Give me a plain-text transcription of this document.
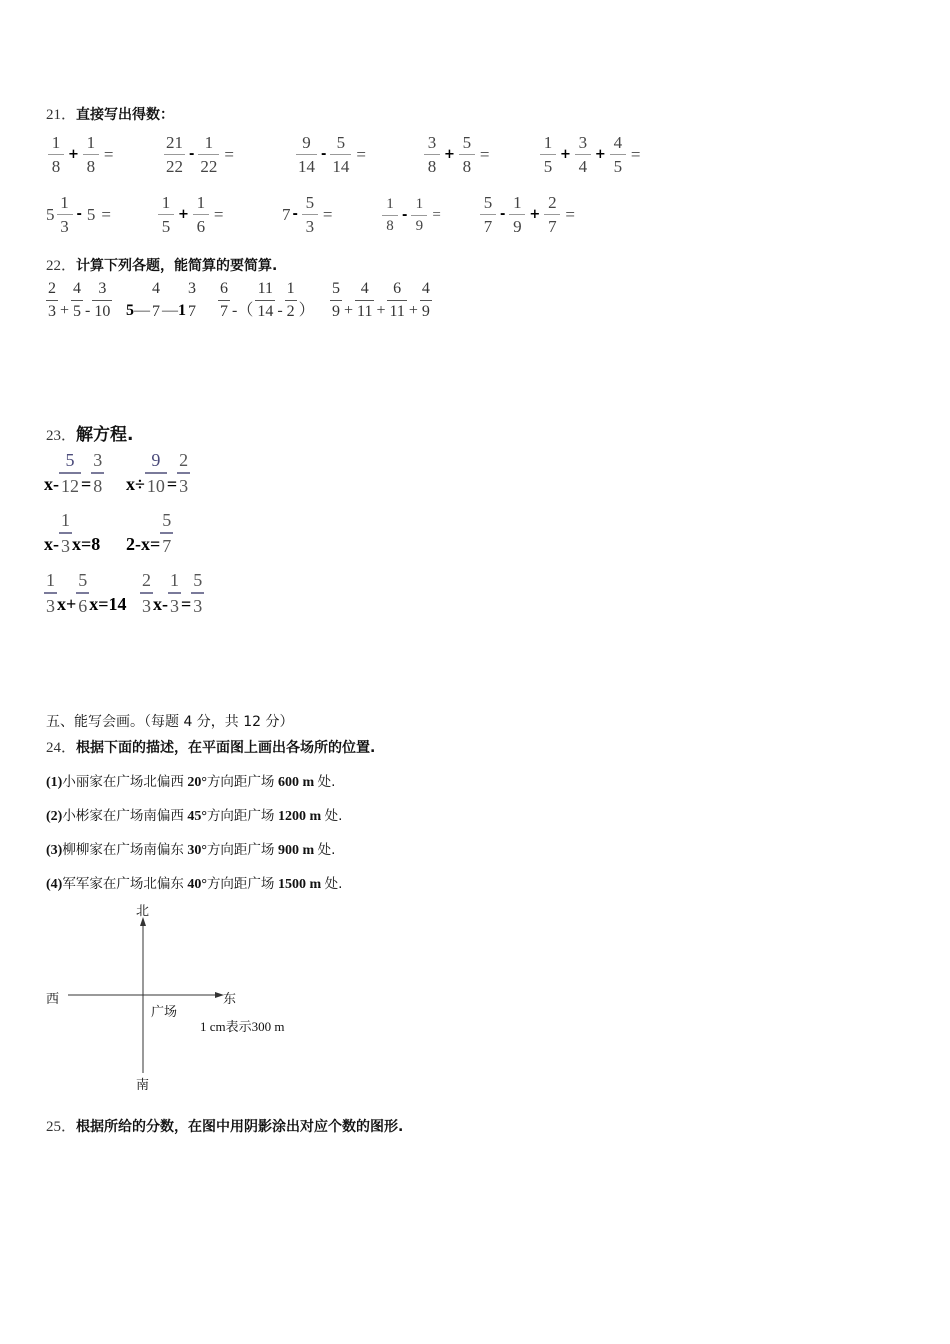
21．直接写出得数：
$\frac{1}{8} + \frac{1}{8}$ =	$\frac{21}{22} - \frac{1}{22}$ =	$\frac{9}{14} - \frac{5}{14}$ =	$\frac{3}{8} + \frac{5}{8}$ =	$\frac{1}{5} + \frac{3}{4} + \frac{4}{5}$ =
$5 \frac{1}{3} - 5$ =	$\frac{1}{5} + \frac{1}{6}$ =	$7 - \frac{5}{3}$ =	$\frac{1}{8} - \frac{1}{9} = \frac{5}{7} - \frac{1}{9} + \frac{2}{7}$ =
22．计算下列各题，能简算的要简算.
$\frac{2}{3} + \frac{4}{5} - \frac{3}{10} 5$ — $\frac{4}{7}$ — $1 \frac{3}{7} \frac{6}{7}$ - （ $\frac{11}{14} - \frac{1}{2}$ ） $\frac{5}{9} + \frac{4}{11} + \frac{6}{11} + \frac{4}{9}$
23．解方程.
$x- \frac{5}{12} = \frac{3}{8} x\div \frac{9}{10} = \frac{2}{3}$
$x- \frac{1}{3} x=8$ $2-x= \frac{5}{7}$
$\frac{1}{3} x+ \frac{5}{6} x=14 \frac{2}{3} x- \frac{1}{3} = \frac{5}{3}$
五、能写会画。（每题 4 分，共 12 分）
24．根据下面的描述，在平面图上画出各场所的位置.
(1)小丽家在广场北偏西 20°方向距广场 600 m 处.
(2)小彬家在广场南偏西 45°方向距广场 1200 m 处.
(3)柳柳家在广场南偏东 30°方向距广场 900 m 处.
(4)军军家在广场北偏东 40°方向距广场 1500 m 处.
北
南
西	东
广场
1 cm表示300 m
25．根据所给的分数，在图中用阴影涂出对应个数的图形.
